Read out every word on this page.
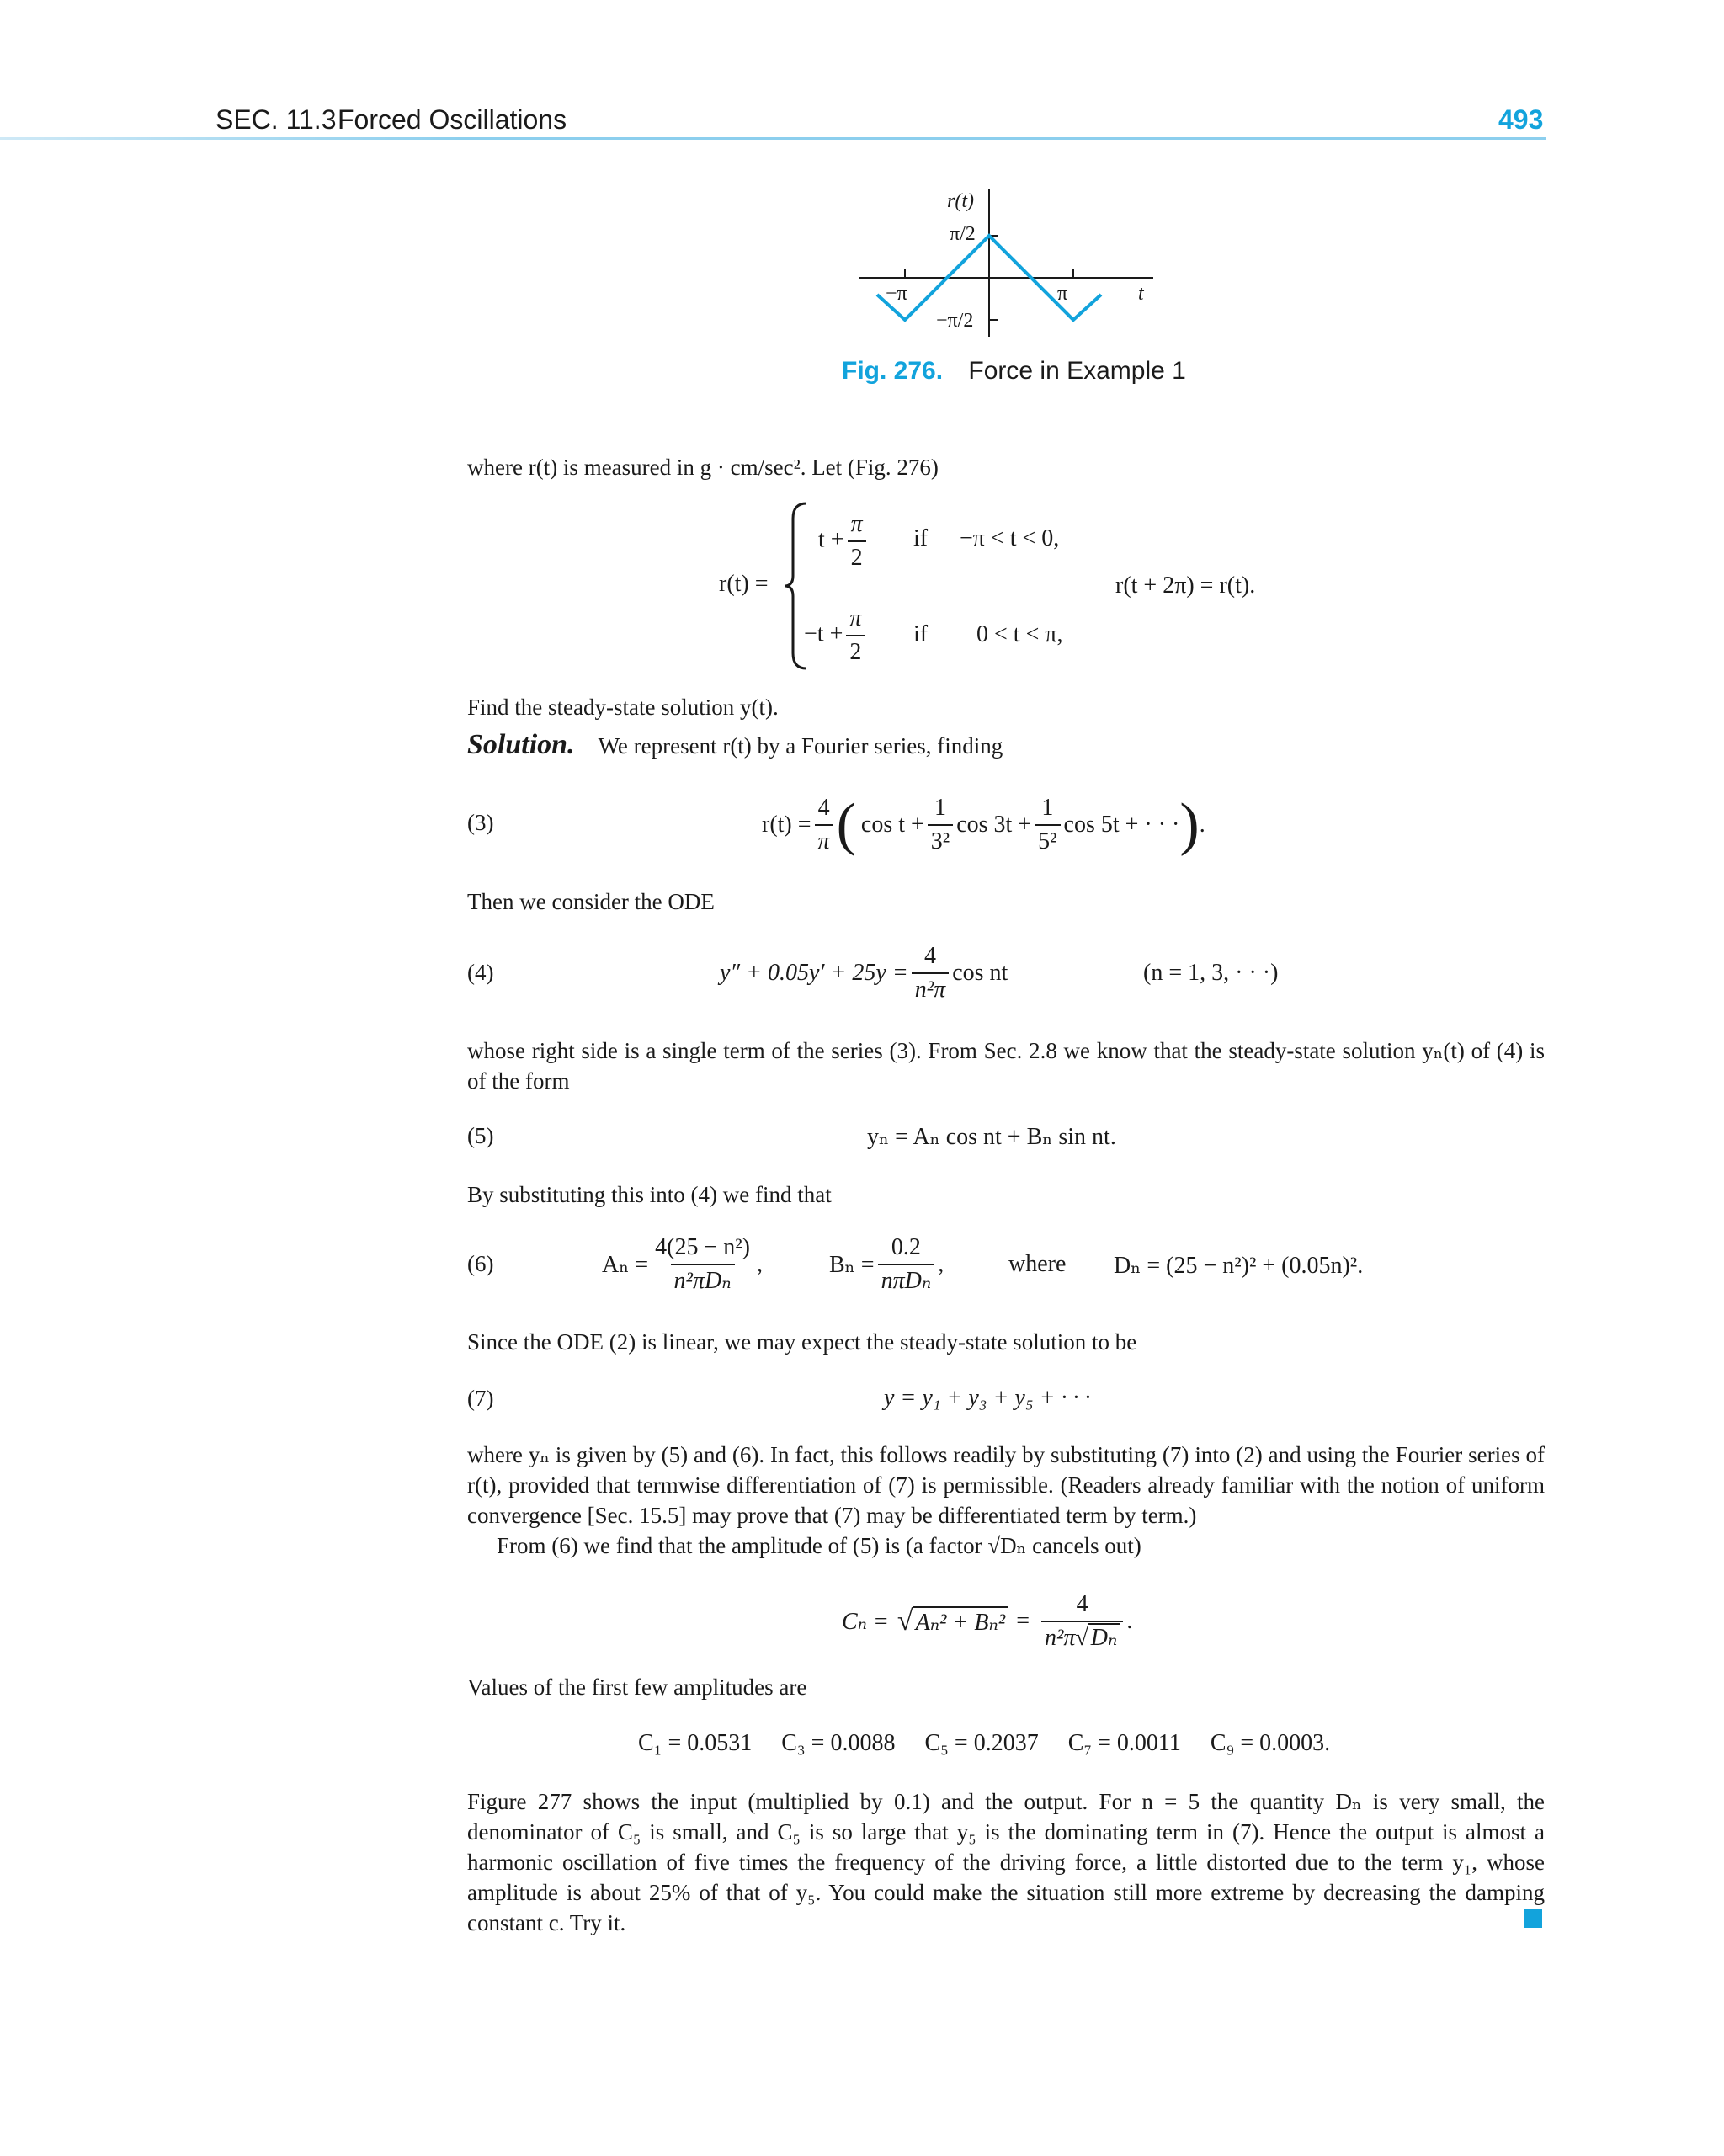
SEC. 11.3 Forced Oscillations	493
r(t)
π/2
−π	π	t
−π/2
Fig. 276. Force in Example 1
where r(t) is measured in g · cm/sec². Let (Fig. 276)
r(t) =
$t + \frac{\pi}{2}$ if −π < t < 0,
$-t + \frac{\pi}{2}$ if 0 < t < π,
r(t + 2π) = r(t).
Find the steady-state solution y(t).
Solution. We represent r(t) by a Fourier series, finding
(3)	$r(t) = \frac{4}{\pi}$ ( $\cos t + \frac{1}{\text{3²}}$ $\cos 3t + \frac{1}{\text{5²}}$ cos 5t + · · · ) .
Then we consider the ODE
(4)	$y'' + 0.05y' + 25y = \frac{4}{\text{n²π}}$ cos nt	(n = 1, 3, · · ·)
whose right side is a single term of the series (3). From Sec. 2.8 we know that the steady-state solution yₙ(t) of (4) is of the form
(5)	yₙ = Aₙ cos nt + Bₙ sin nt.
By substituting this into (4) we find that
(6)	$A_n = \frac{\text{4(25 − n²)}}{\text{n²πDₙ}}$ ,	$B_n = \frac{0.2}{\text{nπDₙ}}$ ,	where Dₙ = (25 − n²)² + (0.05n)².
Since the ODE (2) is linear, we may expect the steady-state solution to be
(7)	y = y₁ + y₃ + y₅ + · · ·
where yₙ is given by (5) and (6). In fact, this follows readily by substituting (7) into (2) and using the Fourier series of r(t), provided that termwise differentiation of (7) is permissible. (Readers already familiar with the notion of uniform convergence [Sec. 15.5] may prove that (7) may be differentiated term by term.)
From (6) we find that the amplitude of (5) is (a factor √Dₙ cancels out)
Cₙ = √ $A_n^2 + B_n^2 = \frac{4}{\text{n²π√ Dₙ}}$ .
Values of the first few amplitudes are
C₁ = 0.0531 C₃ = 0.0088 C₅ = 0.2037 C₇ = 0.0011 C₉ = 0.0003.
Figure 277 shows the input (multiplied by 0.1) and the output. For n = 5 the quantity Dₙ is very small, the denominator of C₅ is small, and C₅ is so large that y₅ is the dominating term in (7). Hence the output is almost a harmonic oscillation of five times the frequency of the driving force, a little distorted due to the term y₁, whose amplitude is about 25% of that of y₅. You could make the situation still more extreme by decreasing the damping constant c. Try it.
